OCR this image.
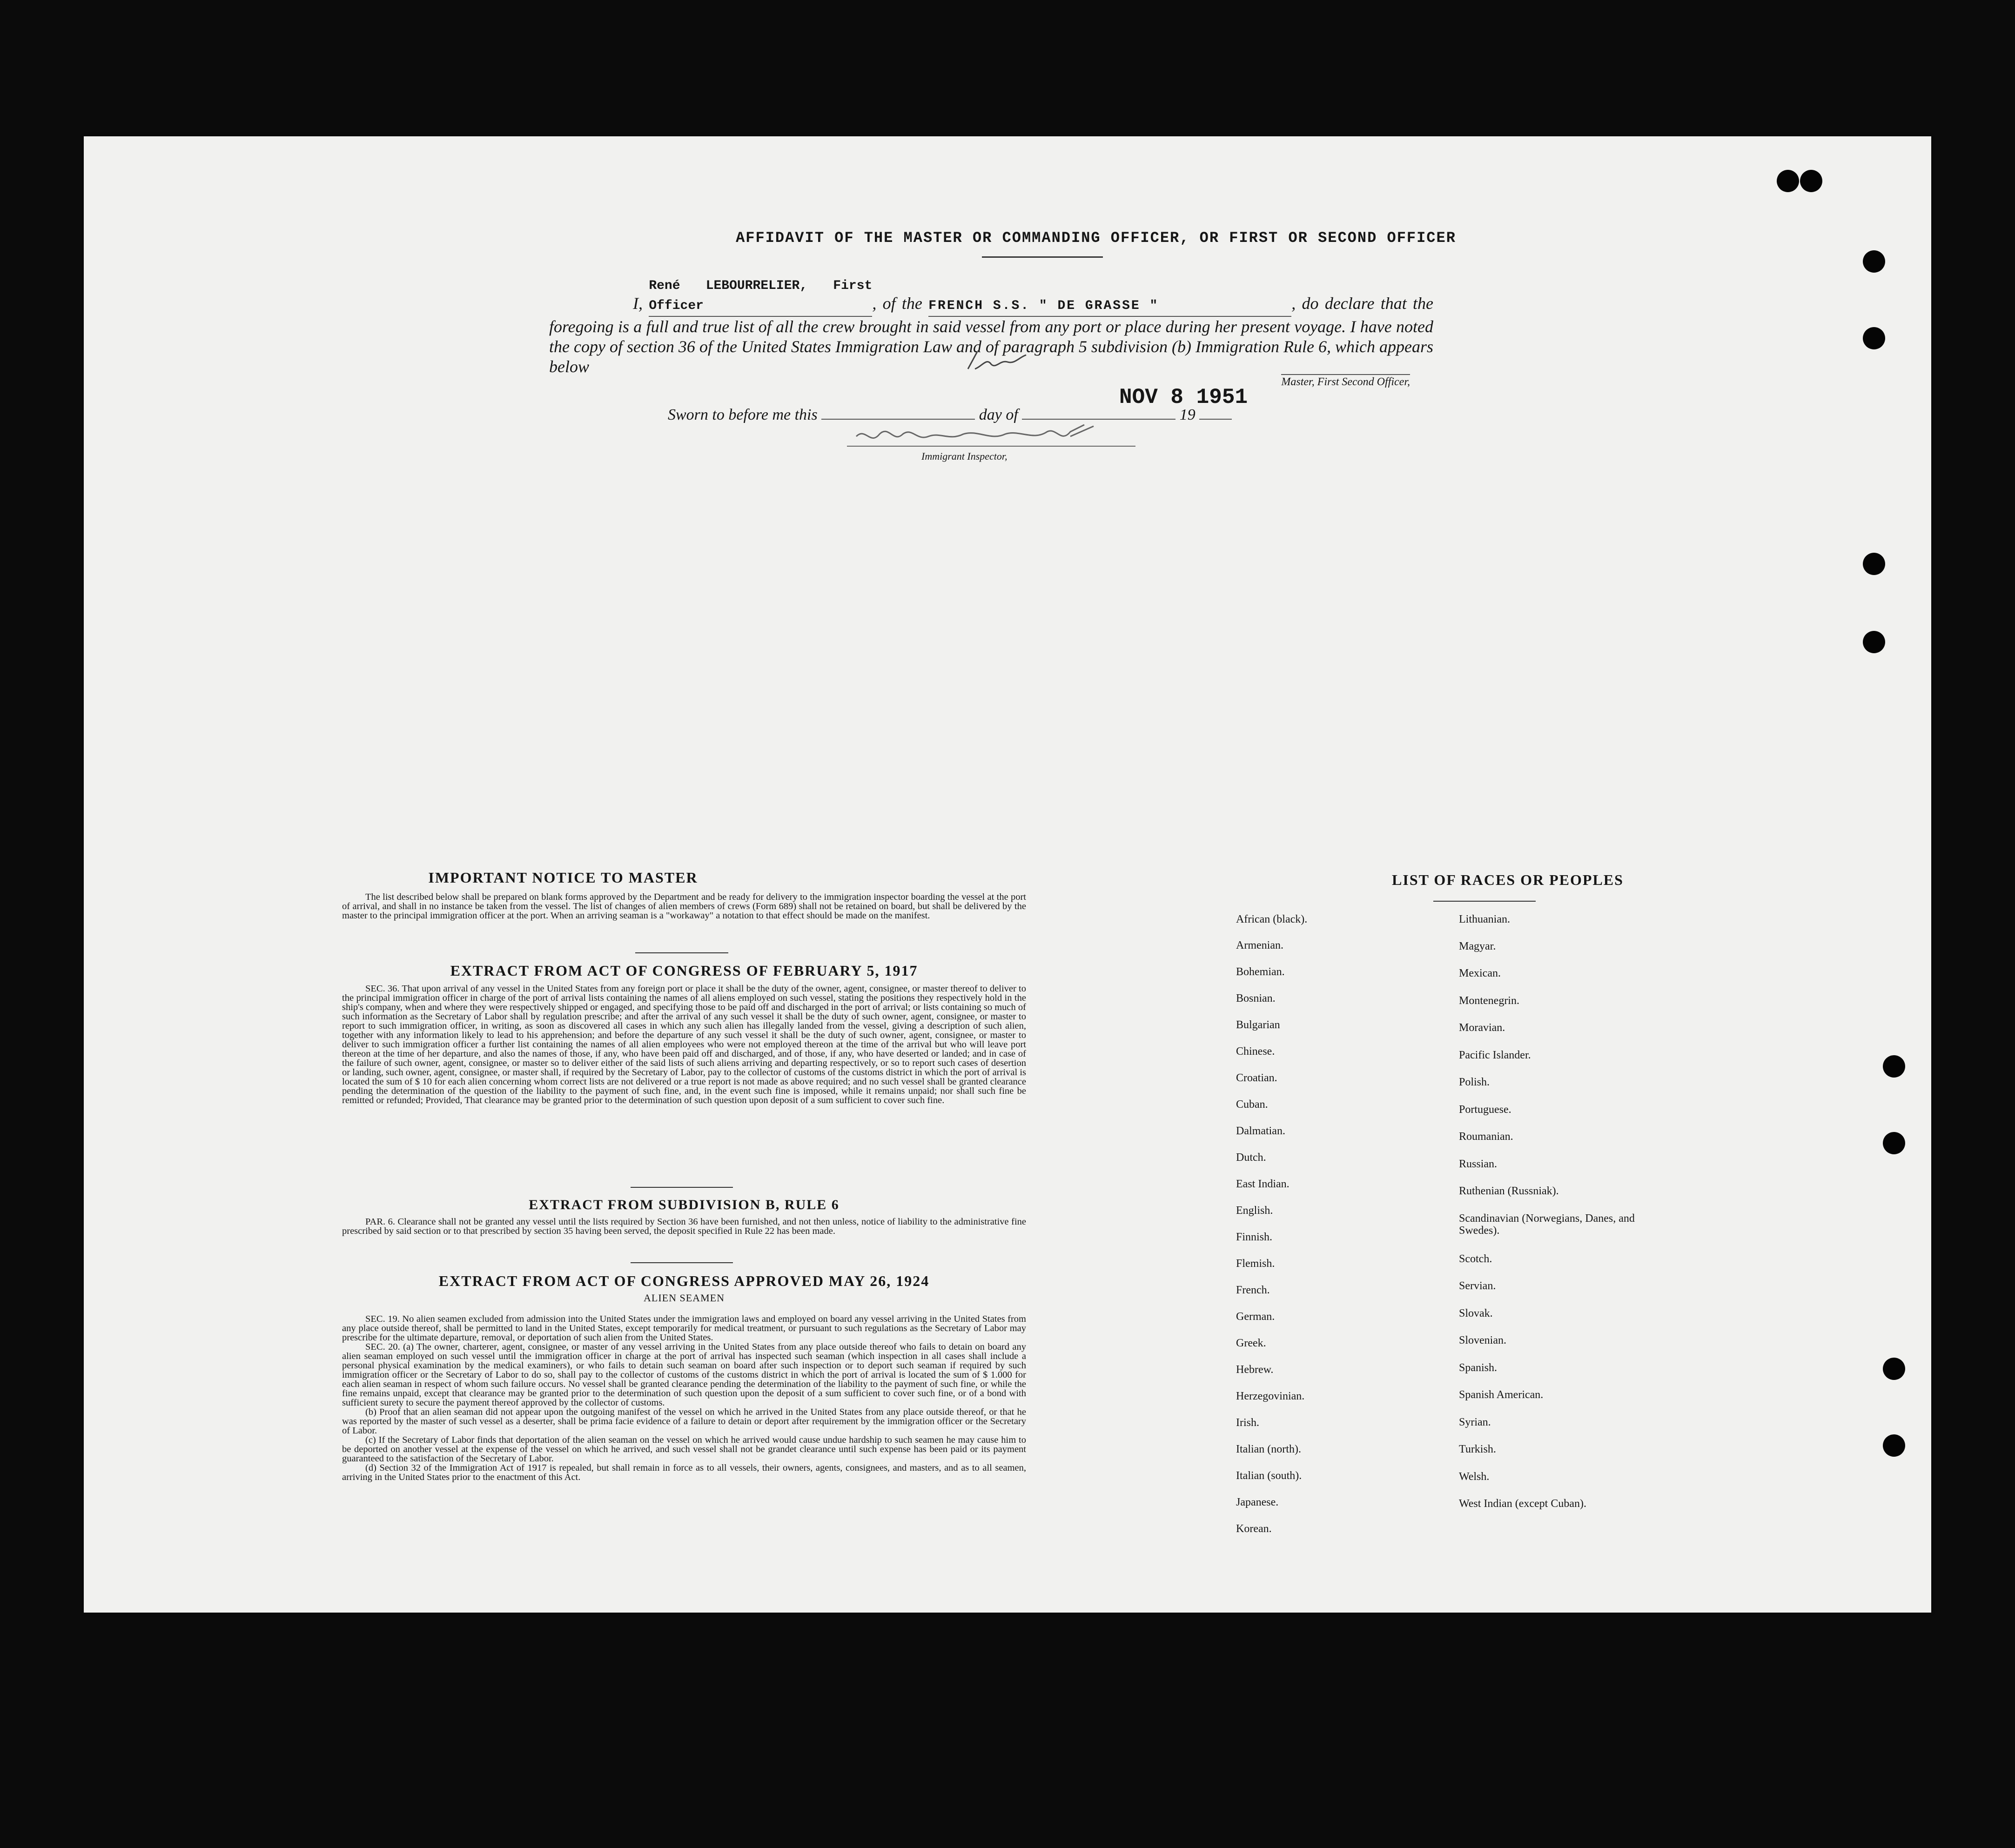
AFFIDAVIT OF THE MASTER OR COMMANDING OFFICER, OR FIRST OR SECOND OFFICER
I, René LEBOURRELIER, First Officer	, of the FRENCH S.S. " DE GRASSE "	, do declare that the foregoing is a full and true list of all the crew brought in said vessel from any port or place during her present voyage. I have noted the copy of section 36 of the United States Immigration Law and of paragraph 5 subdivision (b) Immigration Rule 6, which appears below
Master, First Second Officer,
Sworn to before me this	day of	19
NOV 8 1951
Immigrant Inspector,
IMPORTANT NOTICE TO MASTER
The list described below shall be prepared on blank forms approved by the Department and be ready for delivery to the immigration inspector boarding the vessel at the port of arrival, and shall in no instance be taken from the vessel. The list of changes of alien members of crews (Form 689) shall not be retained on board, but shall be delivered by the master to the principal immigration officer at the port. When an arriving seaman is a "workaway" a notation to that effect should be made on the manifest.
EXTRACT FROM ACT OF CONGRESS OF FEBRUARY 5, 1917
SEC. 36. That upon arrival of any vessel in the United States from any foreign port or place it shall be the duty of the owner, agent, consignee, or master thereof to deliver to the principal immigration officer in charge of the port of arrival lists containing the names of all aliens employed on such vessel, stating the positions they respectively hold in the ship's company, when and where they were respectively shipped or engaged, and specifying those to be paid off and discharged in the port of arrival; or lists containing so much of such information as the Secretary of Labor shall by regulation prescribe; and after the arrival of any such vessel it shall be the duty of such owner, agent, consignee, or master to report to such immigration officer, in writing, as soon as discovered all cases in which any such alien has illegally landed from the vessel, giving a description of such alien, together with any information likely to lead to his apprehension; and before the departure of any such vessel it shall be the duty of such owner, agent, consignee, or master to deliver to such immigration officer a further list containing the names of all alien employees who were not employed thereon at the time of the arrival but who will leave port thereon at the time of her departure, and also the names of those, if any, who have been paid off and discharged, and of those, if any, who have deserted or landed; and in case of the failure of such owner, agent, consignee, or master so to deliver either of the said lists of such aliens arriving and departing respectively, or so to report such cases of desertion or landing, such owner, agent, consignee, or master shall, if required by the Secretary of Labor, pay to the collector of customs of the customs district in which the port of arrival is located the sum of $ 10 for each alien concerning whom correct lists are not delivered or a true report is not made as above required; and no such vessel shall be granted clearance pending the determination of the question of the liability to the payment of such fine, and, in the event such fine is imposed, while it remains unpaid; nor shall such fine be remitted or refunded; Provided, That clearance may be granted prior to the determination of such question upon deposit of a sum sufficient to cover such fine.
EXTRACT FROM SUBDIVISION B, RULE 6
PAR. 6. Clearance shall not be granted any vessel until the lists required by Section 36 have been furnished, and not then unless, notice of liability to the administrative fine prescribed by said section or to that prescribed by section 35 having been served, the deposit specified in Rule 22 has been made.
EXTRACT FROM ACT OF CONGRESS APPROVED MAY 26, 1924
ALIEN SEAMEN
SEC. 19. No alien seamen excluded from admission into the United States under the immigration laws and employed on board any vessel arriving in the United States from any place outside thereof, shall be permitted to land in the United States, except temporarily for medical treatment, or pursuant to such regulations as the Secretary of Labor may prescribe for the ultimate departure, removal, or deportation of such alien from the United States.
SEC. 20. (a) The owner, charterer, agent, consignee, or master of any vessel arriving in the United States from any place outside thereof who fails to detain on board any alien seaman employed on such vessel until the immigration officer in charge at the port of arrival has inspected such seaman (which inspection in all cases shall include a personal physical examination by the medical examiners), or who fails to detain such seaman on board after such inspection or to deport such seaman if required by such immigration officer or the Secretary of Labor to do so, shall pay to the collector of customs of the customs district in which the port of arrival is located the sum of $ 1.000 for each alien seaman in respect of whom such failure occurs. No vessel shall be granted clearance pending the determination of the liability to the payment of such fine, or while the fine remains unpaid, except that clearance may be granted prior to the determination of such question upon the deposit of a sum sufficient to cover such fine, or of a bond with sufficient surety to secure the payment thereof approved by the collector of customs.
(b) Proof that an alien seaman did not appear upon the outgoing manifest of the vessel on which he arrived in the United States from any place outside thereof, or that he was reported by the master of such vessel as a deserter, shall be prima facie evidence of a failure to detain or deport after requirement by the immigration officer or the Secretary of Labor.
(c) If the Secretary of Labor finds that deportation of the alien seaman on the vessel on which he arrived would cause undue hardship to such seamen he may cause him to be deported on another vessel at the expense of the vessel on which he arrived, and such vessel shall not be grandet clearance until such expense has been paid or its payment guaranteed to the satisfaction of the Secretary of Labor.
(d) Section 32 of the Immigration Act of 1917 is repealed, but shall remain in force as to all vessels, their owners, agents, consignees, and masters, and as to all seamen, arriving in the United States prior to the enactment of this Act.
LIST OF RACES OR PEOPLES
African (black).
Armenian.
Bohemian.
Bosnian.
Bulgarian
Chinese.
Croatian.
Cuban.
Dalmatian.
Dutch.
East Indian.
English.
Finnish.
Flemish.
French.
German.
Greek.
Hebrew.
Herzegovinian.
Irish.
Italian (north).
Italian (south).
Japanese.
Korean.
Lithuanian.
Magyar.
Mexican.
Montenegrin.
Moravian.
Pacific Islander.
Polish.
Portuguese.
Roumanian.
Russian.
Ruthenian (Russniak).
Scandinavian (Norwegians, Danes, and Swedes).
Scotch.
Servian.
Slovak.
Slovenian.
Spanish.
Spanish American.
Syrian.
Turkish.
Welsh.
West Indian (except Cuban).
